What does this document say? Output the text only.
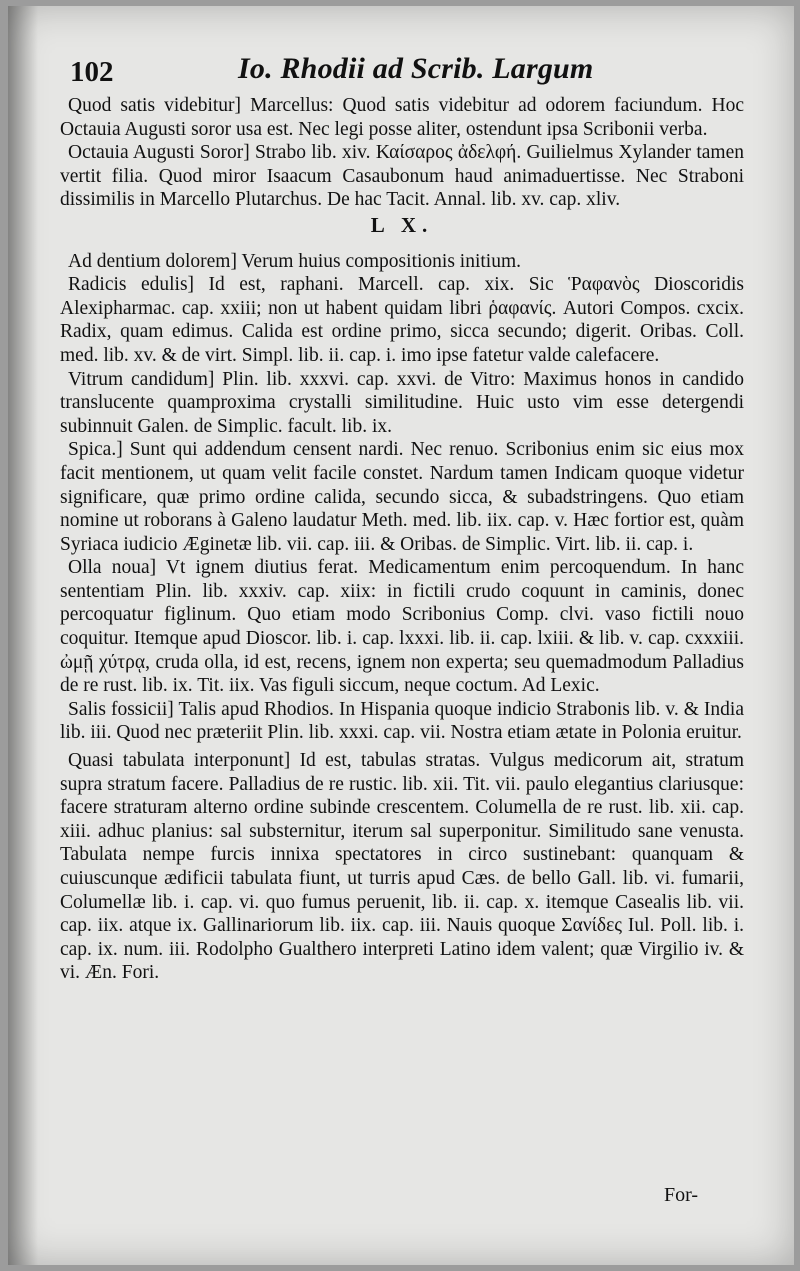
102	Io. Rhodii ad Scrib. Largum

Quod satis videbitur] Marcellus: Quod satis videbitur ad odorem faciundum. Hoc Octauia Augusti soror usa est. Nec legi posse aliter, ostendunt ipsa Scribonii verba.

Octauia Augusti Soror] Strabo lib. xiv. Καίσαρος ἀδελφή. Guilielmus Xylander tamen vertit filia. Quod miror Isaacum Casaubonum haud animaduertisse. Nec Straboni dissimilis in Marcello Plutarchus. De hac Tacit. Annal. lib. xv. cap. xliv.

L X.

Ad dentium dolorem] Verum huius compositionis initium.

Radicis edulis] Id est, raphani. Marcell. cap. xix. Sic Ῥαφανὸς Dioscoridis Alexipharmac. cap. xxiii; non ut habent quidam libri ῥαφανίς. Autori Compos. cxcix. Radix, quam edimus. Calida est ordine primo, sicca secundo; digerit. Oribas. Coll. med. lib. xv. & de virt. Simpl. lib. ii. cap. i. imo ipse fatetur valde calefacere.

Vitrum candidum] Plin. lib. xxxvi. cap. xxvi. de Vitro: Maximus honos in candido translucente quamproxima crystalli similitudine. Huic usto vim esse detergendi subinnuit Galen. de Simplic. facult. lib. ix.

Spica.] Sunt qui addendum censent nardi. Nec renuo. Scribonius enim sic eius mox facit mentionem, ut quam velit facile constet. Nardum tamen Indicam quoque videtur significare, quæ primo ordine calida, secundo sicca, & subadstringens. Quo etiam nomine ut roborans à Galeno laudatur Meth. med. lib. iix. cap. v. Hæc fortior est, quàm Syriaca iudicio Æginetæ lib. vii. cap. iii. & Oribas. de Simplic. Virt. lib. ii. cap. i.

Olla noua] Vt ignem diutius ferat. Medicamentum enim percoquendum. In hanc sententiam Plin. lib. xxxiv. cap. xiix: in fictili crudo coquunt in caminis, donec percoquatur figlinum. Quo etiam modo Scribonius Comp. clvi. vaso fictili nouo coquitur. Itemque apud Dioscor. lib. i. cap. lxxxi. lib. ii. cap. lxiii. & lib. v. cap. cxxxiii. ὠμῇ χύτρᾳ, cruda olla, id est, recens, ignem non experta; seu quemadmodum Palladius de re rust. lib. ix. Tit. iix. Vas figuli siccum, neque coctum. Ad Lexic.

Salis fossicii] Talis apud Rhodios. In Hispania quoque indicio Strabonis lib. v. & India lib. iii. Quod nec præteriit Plin. lib. xxxi. cap. vii. Nostra etiam ætate in Polonia eruitur.

Quasi tabulata interponunt] Id est, tabulas stratas. Vulgus medicorum ait, stratum supra stratum facere. Palladius de re rustic. lib. xii. Tit. vii. paulo elegantius clariusque: facere straturam alterno ordine subinde crescentem. Columella de re rust. lib. xii. cap. xiii. adhuc planius: sal substernitur, iterum sal superponitur. Similitudo sane venusta. Tabulata nempe furcis innixa spectatores in circo sustinebant: quanquam & cuiuscunque ædificii tabulata fiunt, ut turris apud Cæs. de bello Gall. lib. vi. fumarii, Columellæ lib. i. cap. vi. quo fumus peruenit, lib. ii. cap. x. itemque Casealis lib. vii. cap. iix. atque ix. Gallinariorum lib. iix. cap. iii. Nauis quoque Σανίδες Iul. Poll. lib. i. cap. ix. num. iii. Rodolpho Gualthero interpreti Latino idem valent; quæ Virgilio iv. & vi. Æn. Fori.

For-
